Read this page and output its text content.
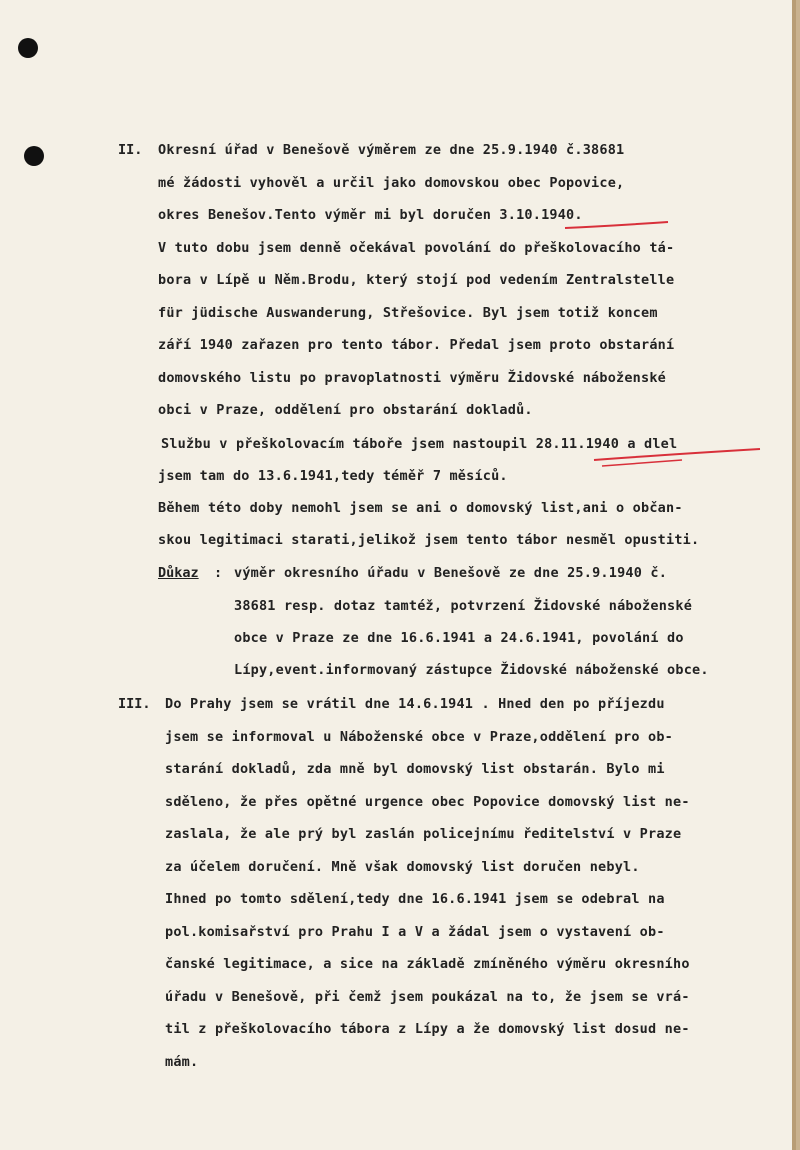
II.
III.
Důkaz :
Okresní úřad v Benešově výměrem ze dne 25.9.1940 č.38681
mé žádosti vyhověl a určil jako domovskou obec Popovice,
okres Benešov.Tento výměr mi byl doručen 3.10.1940.
V tuto dobu jsem denně očekával povolání do přeškolovacího tá-
bora v Lípě u Něm.Brodu, který stojí pod vedením Zentralstelle
für jüdische Auswanderung, Střešovice. Byl jsem totiž koncem
září 1940 zařazen pro tento tábor. Předal jsem proto obstarání
domovského listu po pravoplatnosti výměru Židovské náboženské
obci v Praze, oddělení pro obstarání dokladů.
Službu v přeškolovacím táboře jsem nastoupil 28.11.1940 a dlel
jsem tam do 13.6.1941,tedy téměř 7 měsíců.
Během této doby nemohl jsem se ani o domovský list,ani o občan-
skou legitimaci starati,jelikož jsem tento tábor nesměl opustiti.
výměr okresního úřadu v Benešově ze dne 25.9.1940 č.
38681 resp. dotaz tamtéž, potvrzení Židovské náboženské
obce v Praze ze dne 16.6.1941 a 24.6.1941, povolání do
Lípy,event.informovaný zástupce Židovské náboženské obce.
Do Prahy jsem se vrátil dne 14.6.1941 . Hned den po příjezdu
jsem se informoval u Náboženské obce v Praze,oddělení pro ob-
starání dokladů, zda mně byl domovský list obstarán. Bylo mi
sděleno, že přes opětné urgence obec Popovice domovský list ne-
zaslala, že ale prý byl zaslán policejnímu ředitelství v Praze
za účelem doručení. Mně však domovský list doručen nebyl.
Ihned po tomto sdělení,tedy dne 16.6.1941 jsem se odebral na
pol.komisařství pro Prahu I a V a žádal jsem o vystavení ob-
čanské legitimace, a sice na základě zmíněného výměru okresního
úřadu v Benešově, při čemž jsem poukázal na to, že jsem se vrá-
til z přeškolovacího tábora z Lípy a že domovský list dosud ne-
mám.
